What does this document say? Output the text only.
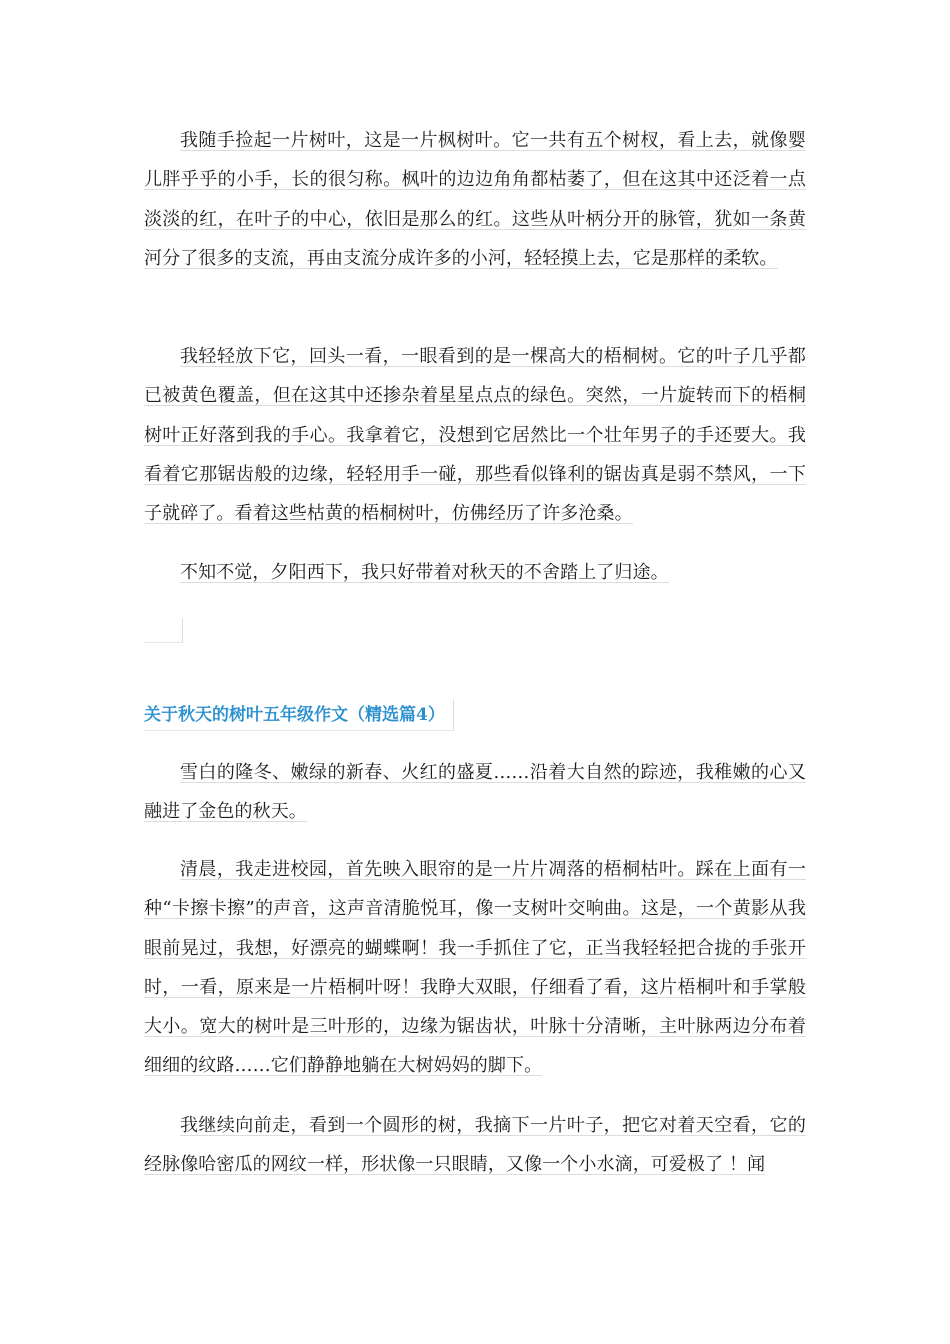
我随手捡起一片树叶，这是一片枫树叶。它一共有五个树杈，看上去，就像婴儿胖乎乎的小手，长的很匀称。枫叶的边边角角都枯萎了，但在这其中还泛着一点淡淡的红，在叶子的中心，依旧是那么的红。这些从叶柄分开的脉管，犹如一条黄河分了很多的支流，再由支流分成许多的小河，轻轻摸上去，它是那样的柔软。

我轻轻放下它，回头一看，一眼看到的是一棵高大的梧桐树。它的叶子几乎都已被黄色覆盖，但在这其中还掺杂着星星点点的绿色。突然，一片旋转而下的梧桐树叶正好落到我的手心。我拿着它，没想到它居然比一个壮年男子的手还要大。我看着它那锯齿般的边缘，轻轻用手一碰，那些看似锋利的锯齿真是弱不禁风，一下子就碎了。看着这些枯黄的梧桐树叶，仿佛经历了许多沧桑。

不知不觉，夕阳西下，我只好带着对秋天的不舍踏上了归途。

关于秋天的树叶五年级作文（精选篇4）

雪白的隆冬、嫩绿的新春、火红的盛夏……沿着大自然的踪迹，我稚嫩的心又融进了金色的秋天。

清晨，我走进校园，首先映入眼帘的是一片片凋落的梧桐枯叶。踩在上面有一种“卡擦卡擦”的声音，这声音清脆悦耳，像一支树叶交响曲。这是，一个黄影从我眼前晃过，我想，好漂亮的蝴蝶啊！我一手抓住了它，正当我轻轻把合拢的手张开时，一看，原来是一片梧桐叶呀！我睁大双眼，仔细看了看，这片梧桐叶和手掌般大小。宽大的树叶是三叶形的，边缘为锯齿状，叶脉十分清晰，主叶脉两边分布着细细的纹路……它们静静地躺在大树妈妈的脚下。

我继续向前走，看到一个圆形的树，我摘下一片叶子，把它对着天空看，它的经脉像哈密瓜的网纹一样，形状像一只眼睛，又像一个小水滴，可爱极了 ！闻
